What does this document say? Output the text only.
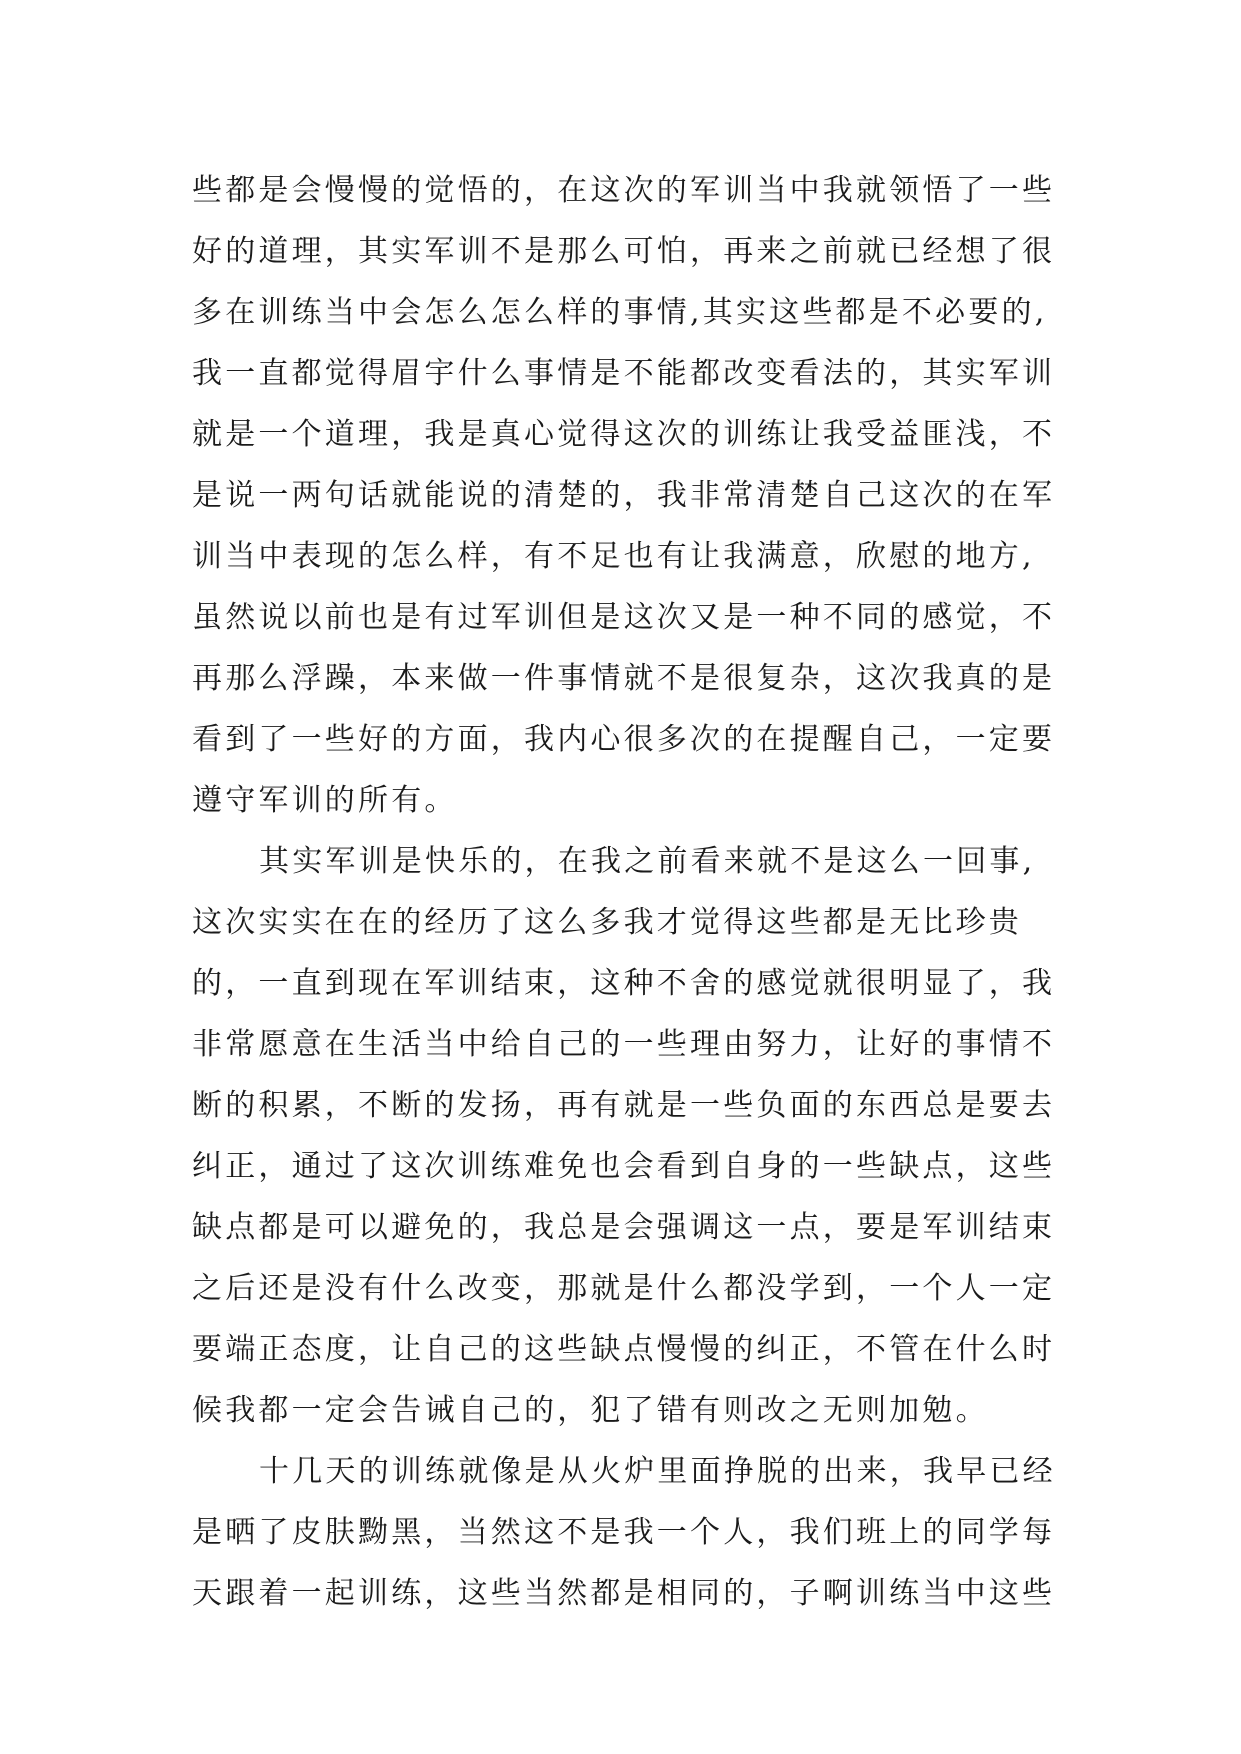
些都是会慢慢的觉悟的，在这次的军训当中我就领悟了一些
好的道理，其实军训不是那么可怕，再来之前就已经想了很
多在训练当中会怎么怎么样的事情,其实这些都是不必要的,
我一直都觉得眉宇什么事情是不能都改变看法的，其实军训
就是一个道理，我是真心觉得这次的训练让我受益匪浅，不
是说一两句话就能说的清楚的，我非常清楚自己这次的在军
训当中表现的怎么样，有不足也有让我满意，欣慰的地方,
虽然说以前也是有过军训但是这次又是一种不同的感觉，不
再那么浮躁，本来做一件事情就不是很复杂，这次我真的是
看到了一些好的方面，我内心很多次的在提醒自己，一定要
遵守军训的所有。
其实军训是快乐的，在我之前看来就不是这么一回事,
这次实实在在的经历了这么多我才觉得这些都是无比珍贵
的，一直到现在军训结束，这种不舍的感觉就很明显了，我
非常愿意在生活当中给自己的一些理由努力，让好的事情不
断的积累，不断的发扬，再有就是一些负面的东西总是要去
纠正，通过了这次训练难免也会看到自身的一些缺点，这些
缺点都是可以避免的，我总是会强调这一点，要是军训结束
之后还是没有什么改变，那就是什么都没学到，一个人一定
要端正态度，让自己的这些缺点慢慢的纠正，不管在什么时
候我都一定会告诫自己的，犯了错有则改之无则加勉。
十几天的训练就像是从火炉里面挣脱的出来，我早已经
是晒了皮肤黝黑，当然这不是我一个人，我们班上的同学每
天跟着一起训练，这些当然都是相同的，子啊训练当中这些
